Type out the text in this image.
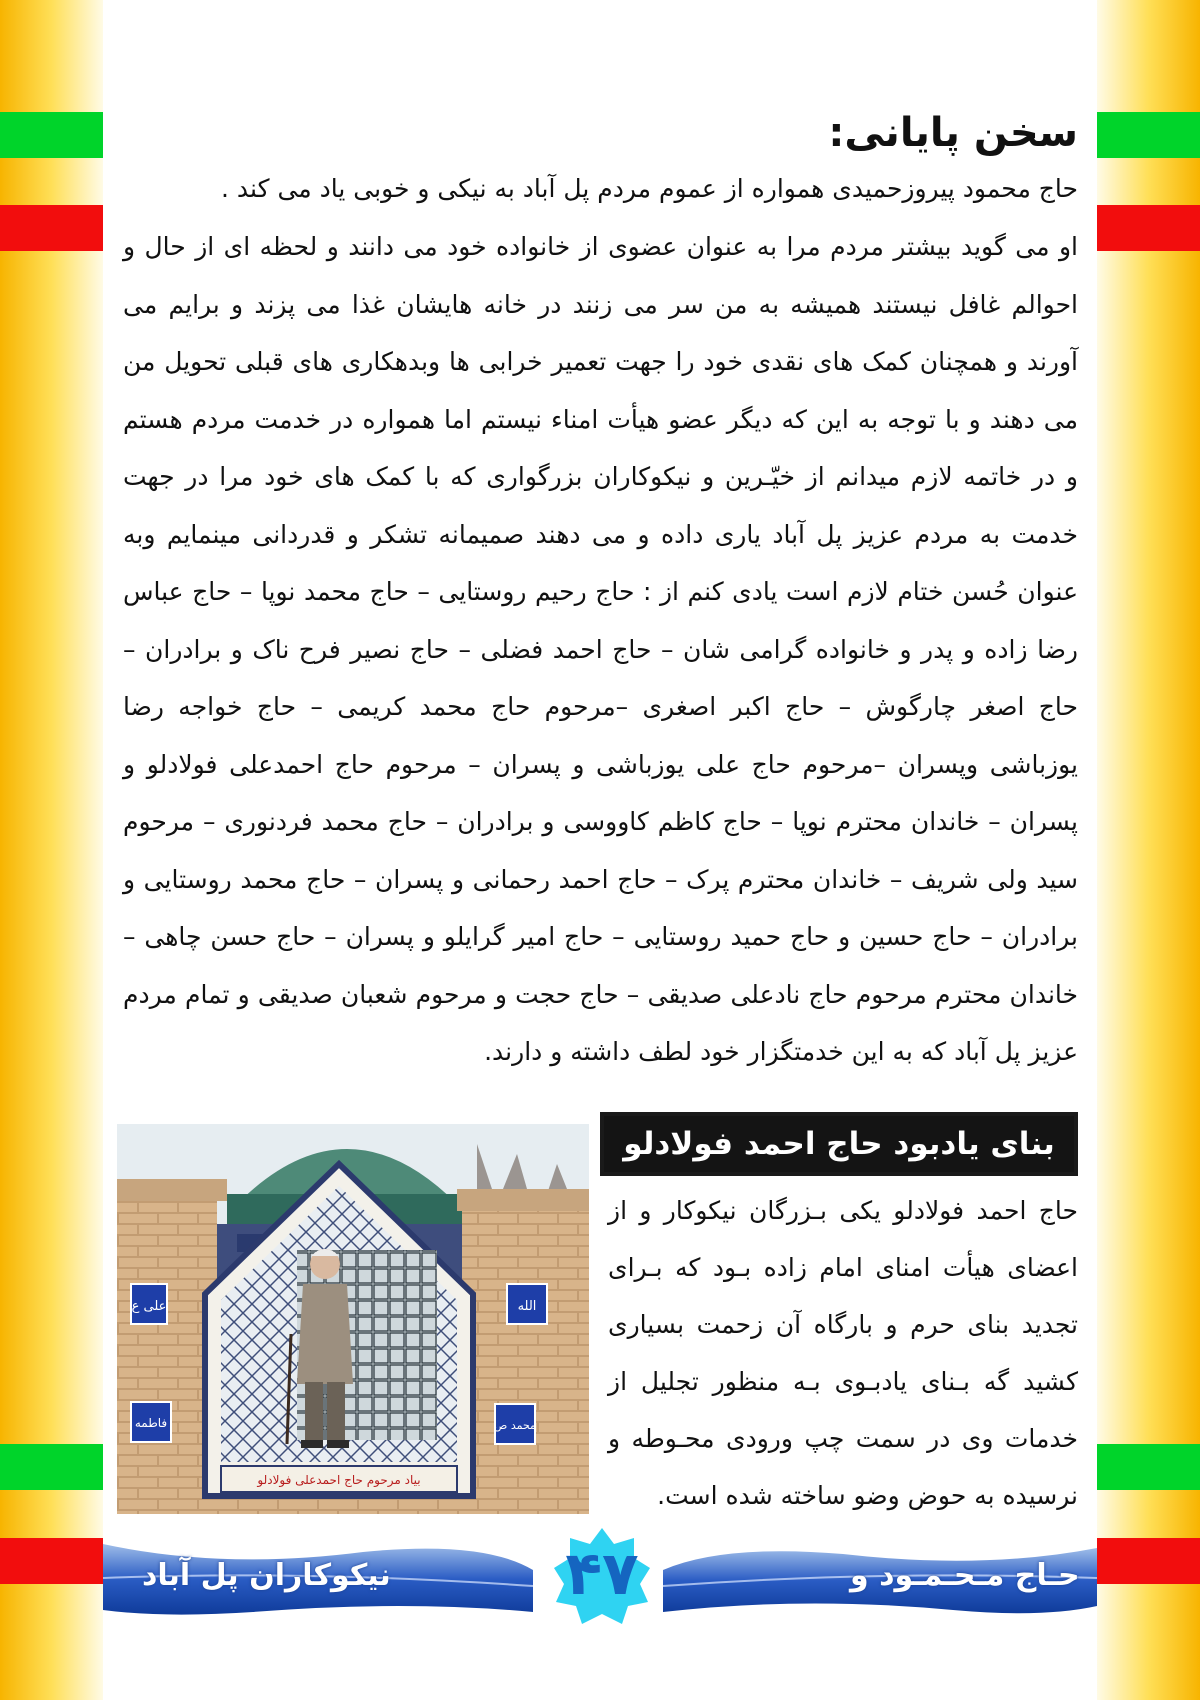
سخن پایانی:

حاج محمود پیروزحمیدی همواره از عموم مردم پل آباد به نیکی و خوبی یاد می کند .

او می گوید بیشتر مردم مرا به عنوان عضوی از خانواده خود می دانند و لحظه ای از حال و احوالم غافل نیستند همیشه به من سر می زنند در خانه هایشان غذا می پزند و برایم می آورند و همچنان کمک های نقدی خود را جهت تعمیر خرابی ها وبدهکاری های قبلی تحویل من می دهند و با توجه به این که دیگر عضو هیأت امناء نیستم اما همواره در خدمت مردم هستم و در خاتمه لازم میدانم از خیّـرین و نیکوکاران بزرگواری که با کمک های خود مرا در جهت خدمت به مردم عزیز پل آباد یاری داده و می دهند صمیمانه تشکر و قدردانی مینمایم وبه عنوان حُسن ختام لازم است یادی کنم از : حاج رحیم روستایی – حاج محمد نوپا – حاج عباس رضا زاده و پدر و خانواده گرامی شان – حاج احمد فضلی – حاج نصیر فرح ناک و برادران – حاج اصغر چارگوش – حاج اکبر اصغری –مرحوم حاج محمد کریمی – حاج خواجه رضا یوزباشی وپسران –مرحوم حاج علی یوزباشی و پسران – مرحوم حاج احمدعلی فولادلو و پسران – خاندان محترم نوپا – حاج کاظم کاووسی و برادران – حاج محمد فردنوری – مرحوم سید ولی شریف – خاندان محترم پرک – حاج احمد رحمانی و پسران – حاج محمد روستایی و برادران – حاج حسین و حاج حمید روستایی – حاج امیر گرایلو و پسران – حاج حسن چاهی – خاندان محترم مرحوم حاج نادعلی صدیقی – حاج حجت و مرحوم شعبان صدیقی و تمام مردم عزیز پل آباد که به این خدمتگزار خود لطف داشته و دارند.

بنای یادبود حاج احمد فولادلو

حاج احمد فولادلو یکی بـزرگان نیکوکار و از اعضای هیأت امنای امام زاده بـود که بـرای تجدید بنای حرم و بارگاه آن زحمت بسیاری کشید گه بـنای یادبـوی بـه منظور تجلیل از خدمات وی در سمت چپ ورودی محـوطه و نرسیده به حوض وضو ساخته شده است.

علی ع
فاطمه
الله
محمد ص
بیاد مرحوم حاج احمدعلی فولادلو
نیکوکاران پل آباد	حـاج مـحـمـود و
۴۷
